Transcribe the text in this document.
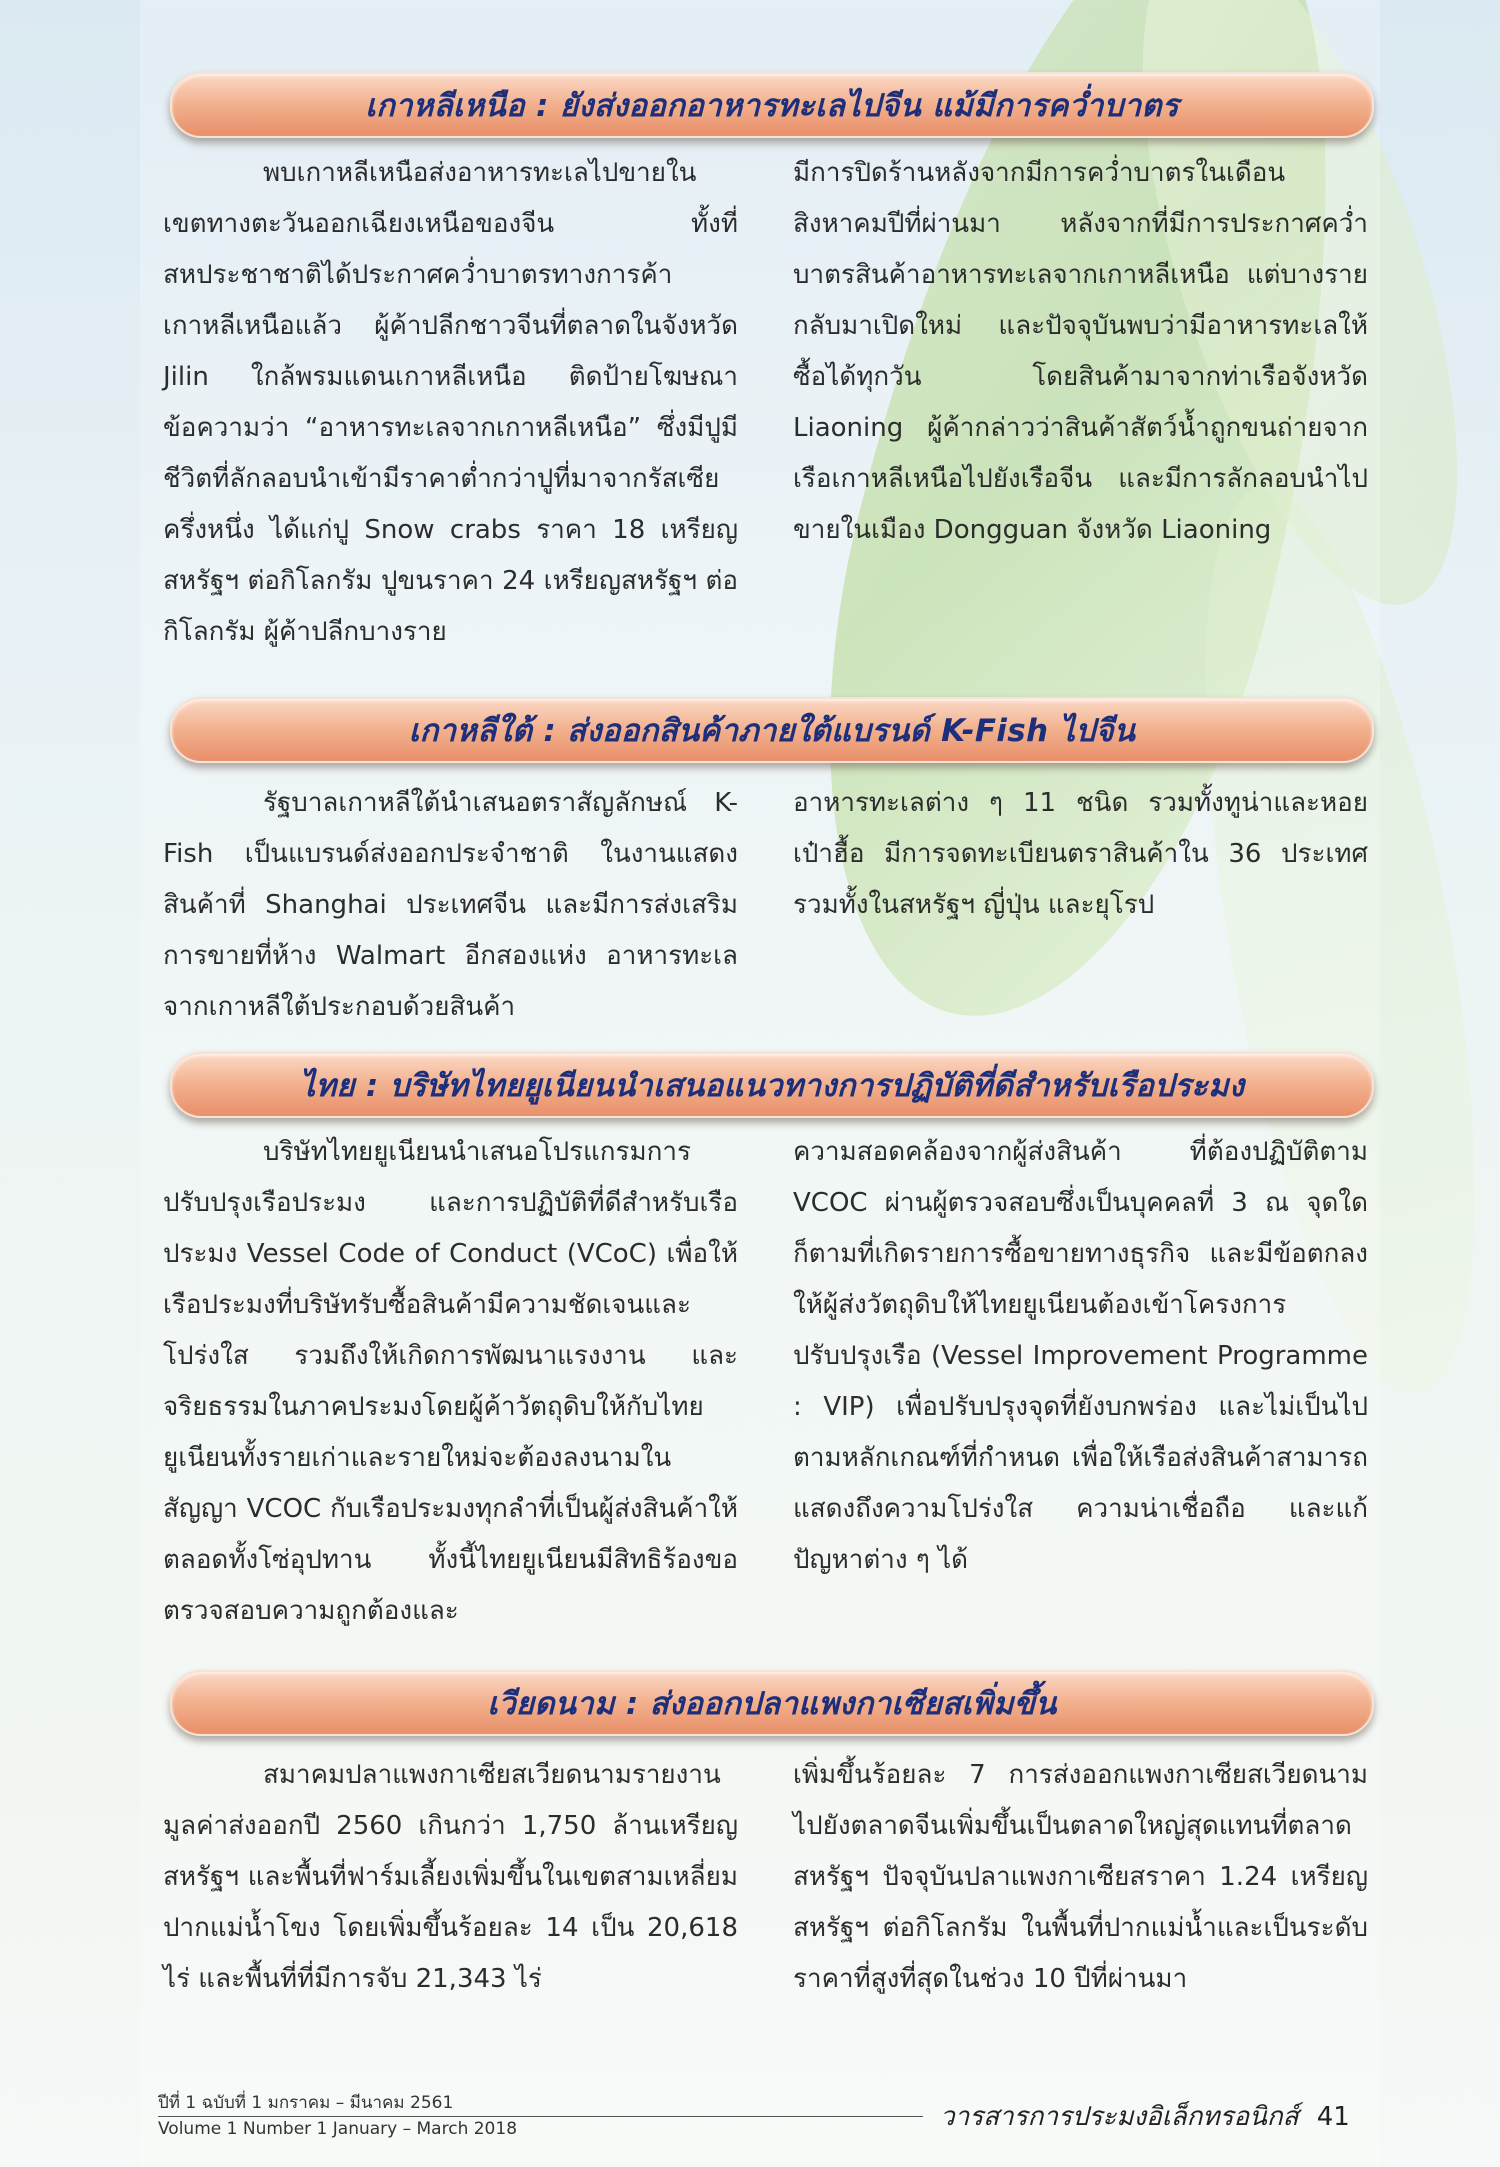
เกาหลีเหนือ : ยังส่งออกอาหารทะเลไปจีน แม้มีการคว่ำบาตร

พบเกาหลีเหนือส่งอาหารทะเลไปขายในเขตทางตะวันออกเฉียงเหนือของจีน ทั้งที่สหประชาชาติได้ประกาศคว่ำบาตรทางการค้าเกาหลีเหนือแล้ว ผู้ค้าปลีกชาวจีนที่ตลาดในจังหวัด Jilin ใกล้พรมแดนเกาหลีเหนือ ติดป้ายโฆษณาข้อความว่า “อาหารทะเลจากเกาหลีเหนือ” ซึ่งมีปูมีชีวิตที่ลักลอบนำเข้ามีราคาต่ำกว่าปูที่มาจากรัสเซียครึ่งหนึ่ง ได้แก่ปู Snow crabs ราคา 18 เหรียญสหรัฐฯ ต่อกิโลกรัม ปูขนราคา 24 เหรียญสหรัฐฯ ต่อกิโลกรัม ผู้ค้าปลีกบางราย

มีการปิดร้านหลังจากมีการคว่ำบาตรในเดือนสิงหาคมปีที่ผ่านมา หลังจากที่มีการประกาศคว่ำบาตรสินค้าอาหารทะเลจากเกาหลีเหนือ แต่บางรายกลับมาเปิดใหม่ และปัจจุบันพบว่ามีอาหารทะเลให้ซื้อได้ทุกวัน โดยสินค้ามาจากท่าเรือจังหวัด Liaoning ผู้ค้ากล่าวว่าสินค้าสัตว์น้ำถูกขนถ่ายจากเรือเกาหลีเหนือไปยังเรือจีน และมีการลักลอบนำไปขายในเมือง Dongguan จังหวัด Liaoning

เกาหลีใต้ : ส่งออกสินค้าภายใต้แบรนด์ K-Fish ไปจีน

รัฐบาลเกาหลีใต้นำเสนอตราสัญลักษณ์ K-Fish เป็นแบรนด์ส่งออกประจำชาติ ในงานแสดงสินค้าที่ Shanghai ประเทศจีน และมีการส่งเสริมการขายที่ห้าง Walmart อีกสองแห่ง อาหารทะเลจากเกาหลีใต้ประกอบด้วยสินค้า

อาหารทะเลต่าง ๆ 11 ชนิด รวมทั้งทูน่าและหอยเป๋าฮื้อ มีการจดทะเบียนตราสินค้าใน 36 ประเทศ รวมทั้งในสหรัฐฯ ญี่ปุ่น และยุโรป

ไทย : บริษัทไทยยูเนียนนำเสนอแนวทางการปฏิบัติที่ดีสำหรับเรือประมง

บริษัทไทยยูเนียนนำเสนอโปรแกรมการปรับปรุงเรือประมง และการปฏิบัติที่ดีสำหรับเรือประมง Vessel Code of Conduct (VCoC) เพื่อให้เรือประมงที่บริษัทรับซื้อสินค้ามีความชัดเจนและโปร่งใส รวมถึงให้เกิดการพัฒนาแรงงาน และจริยธรรมในภาคประมงโดยผู้ค้าวัตถุดิบให้กับไทยยูเนียนทั้งรายเก่าและรายใหม่จะต้องลงนามในสัญญา VCOC กับเรือประมงทุกลำที่เป็นผู้ส่งสินค้าให้ตลอดทั้งโซ่อุปทาน ทั้งนี้ไทยยูเนียนมีสิทธิร้องขอตรวจสอบความถูกต้องและ

ความสอดคล้องจากผู้ส่งสินค้า ที่ต้องปฏิบัติตาม VCOC ผ่านผู้ตรวจสอบซึ่งเป็นบุคคลที่ 3 ณ จุดใดก็ตามที่เกิดรายการซื้อขายทางธุรกิจ และมีข้อตกลงให้ผู้ส่งวัตถุดิบให้ไทยยูเนียนต้องเข้าโครงการปรับปรุงเรือ (Vessel Improvement Programme : VIP) เพื่อปรับปรุงจุดที่ยังบกพร่อง และไม่เป็นไปตามหลักเกณฑ์ที่กำหนด เพื่อให้เรือส่งสินค้าสามารถแสดงถึงความโปร่งใส ความน่าเชื่อถือ และแก้ปัญหาต่าง ๆ ได้

เวียดนาม : ส่งออกปลาแพงกาเซียสเพิ่มขึ้น

สมาคมปลาแพงกาเซียสเวียดนามรายงานมูลค่าส่งออกปี 2560 เกินกว่า 1,750 ล้านเหรียญสหรัฐฯ และพื้นที่ฟาร์มเลี้ยงเพิ่มขึ้นในเขตสามเหลี่ยมปากแม่น้ำโขง โดยเพิ่มขึ้นร้อยละ 14 เป็น 20,618 ไร่ และพื้นที่ที่มีการจับ 21,343 ไร่

เพิ่มขึ้นร้อยละ 7 การส่งออกแพงกาเซียสเวียดนามไปยังตลาดจีนเพิ่มขึ้นเป็นตลาดใหญ่สุดแทนที่ตลาดสหรัฐฯ ปัจจุบันปลาแพงกาเซียสราคา 1.24 เหรียญสหรัฐฯ ต่อกิโลกรัม ในพื้นที่ปากแม่น้ำและเป็นระดับราคาที่สูงที่สุดในช่วง 10 ปีที่ผ่านมา

ปีที่ 1 ฉบับที่ 1 มกราคม – มีนาคม 2561
Volume 1 Number 1 January – March 2018	วารสารการประมงอิเล็กทรอนิกส์ 41
